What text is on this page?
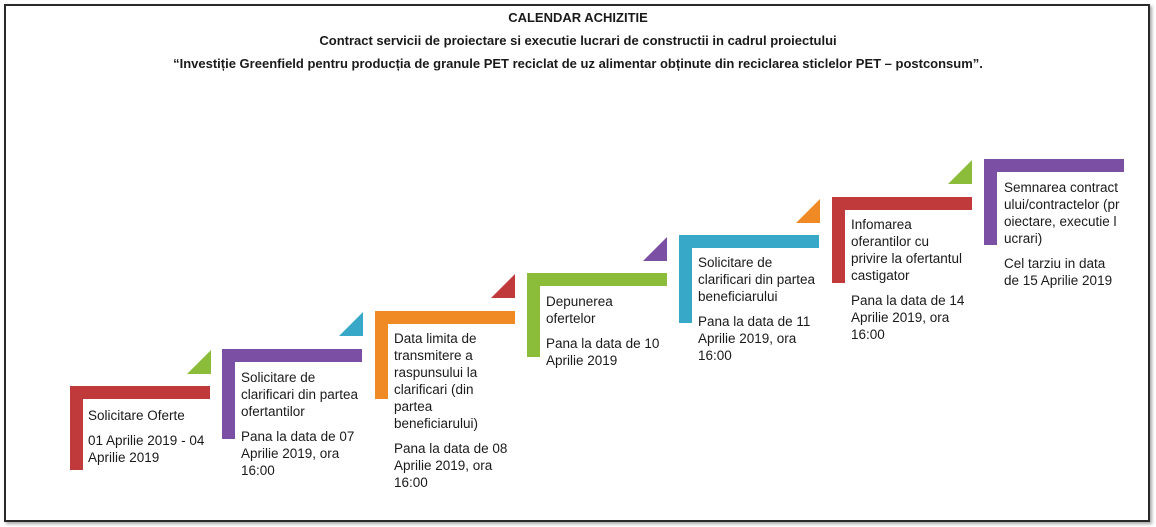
CALENDAR ACHIZITIE
Contract servicii de proiectare si executie lucrari de constructii in cadrul proiectului
“Investiție Greenfield pentru producția de granule PET reciclat de uz alimentar obținute din reciclarea sticlelor PET – postconsum”.

Solicitare Oferte

01 Aprilie 2019 - 04 Aprilie 2019

Solicitare de clarificari din partea ofertantilor

Pana la data de 07 Aprilie 2019, ora 16:00

Data limita de transmitere a raspunsului la clarificari (din partea beneficiarului)

Pana la data de 08 Aprilie 2019, ora 16:00

Depunerea ofertelor

Pana la data de 10 Aprilie 2019

Solicitare de clarificari din partea beneficiarului

Pana la data de 11 Aprilie 2019, ora 16:00

Infomarea oferantilor cu privire la ofertantul castigator

Pana la data de 14 Aprilie 2019, ora 16:00

Semnarea contractului/contractelor (proiectare, executie lucrari)

Cel tarziu in data de 15 Aprilie 2019
